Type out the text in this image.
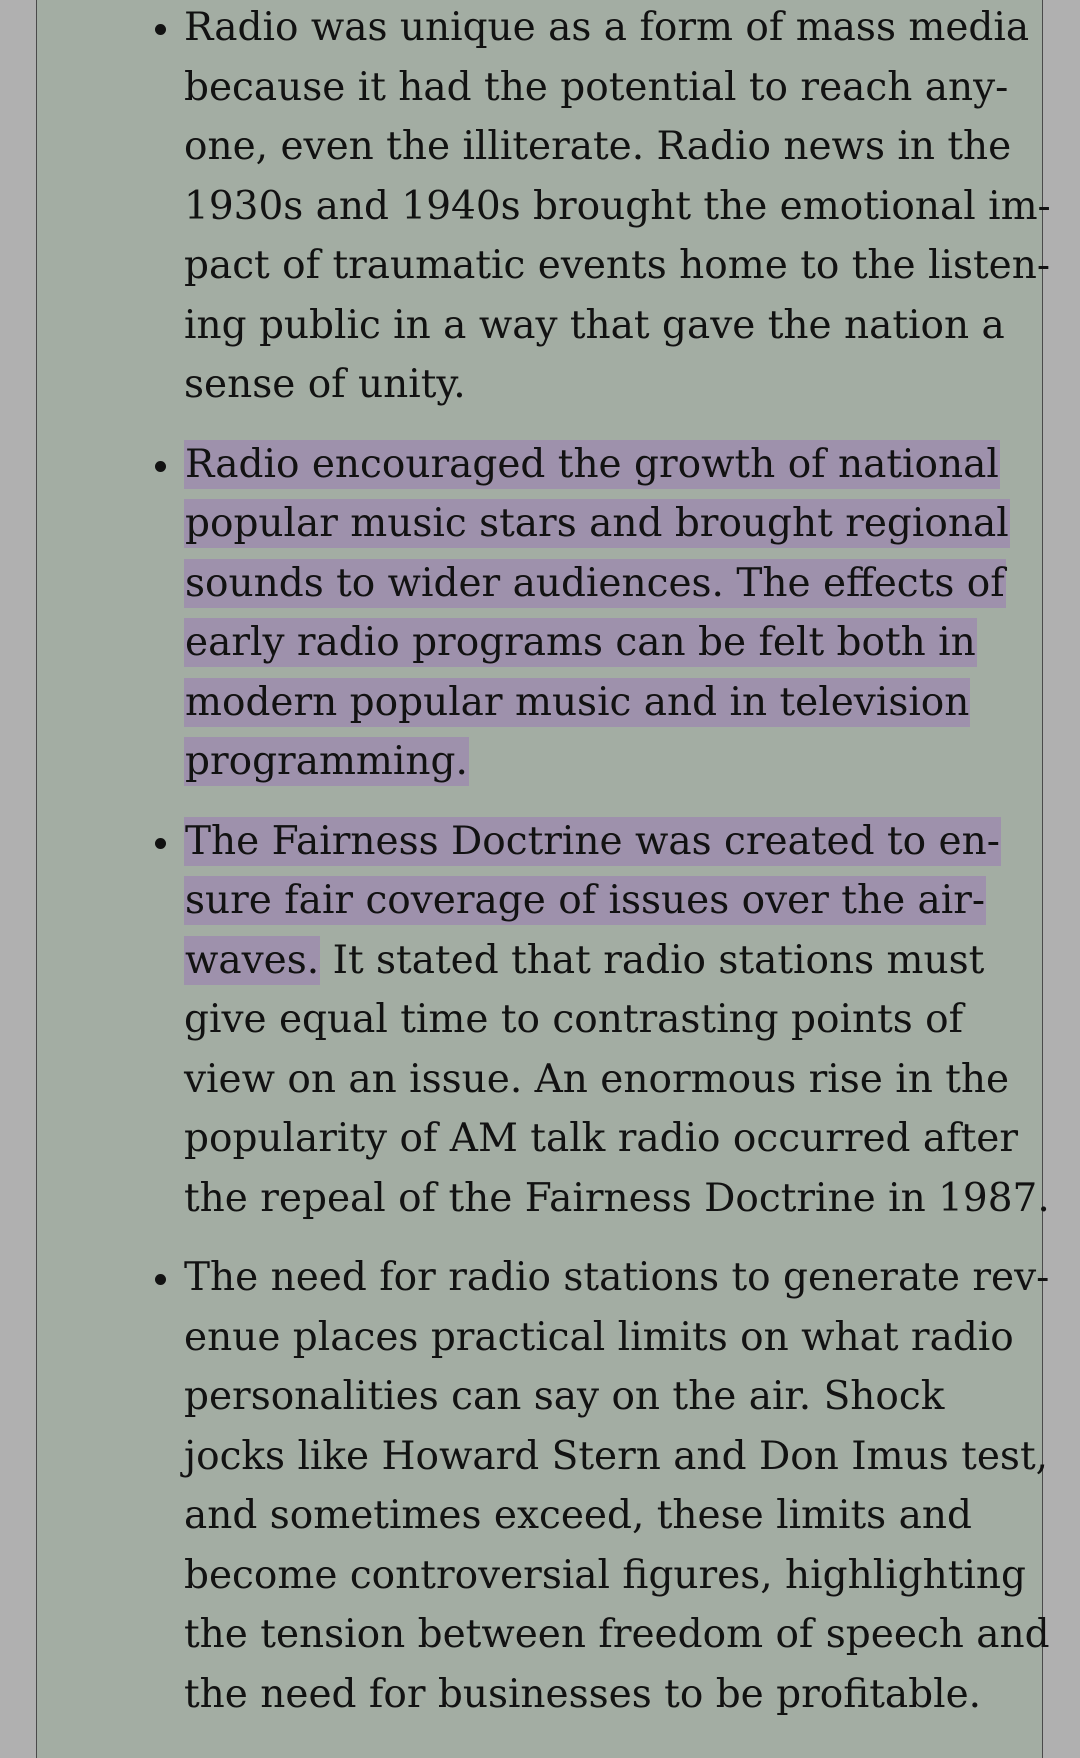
Radio was unique as a form of mass media because it had the potential to reach anyone, even the illiterate. Radio news in the 1930s and 1940s brought the emotional impact of traumatic events home to the listening public in a way that gave the nation a sense of unity.
Radio encouraged the growth of national popular music stars and brought regional sounds to wider audiences. The effects of early radio programs can be felt both in modern popular music and in television programming.
The Fairness Doctrine was created to ensure fair coverage of issues over the airwaves. It stated that radio stations must give equal time to contrasting points of view on an issue. An enormous rise in the popularity of AM talk radio occurred after the repeal of the Fairness Doctrine in 1987.
The need for radio stations to generate revenue places practical limits on what radio personalities can say on the air. Shock jocks like Howard Stern and Don Imus test, and sometimes exceed, these limits and become controversial figures, highlighting the tension between freedom of speech and the need for businesses to be profitable.
